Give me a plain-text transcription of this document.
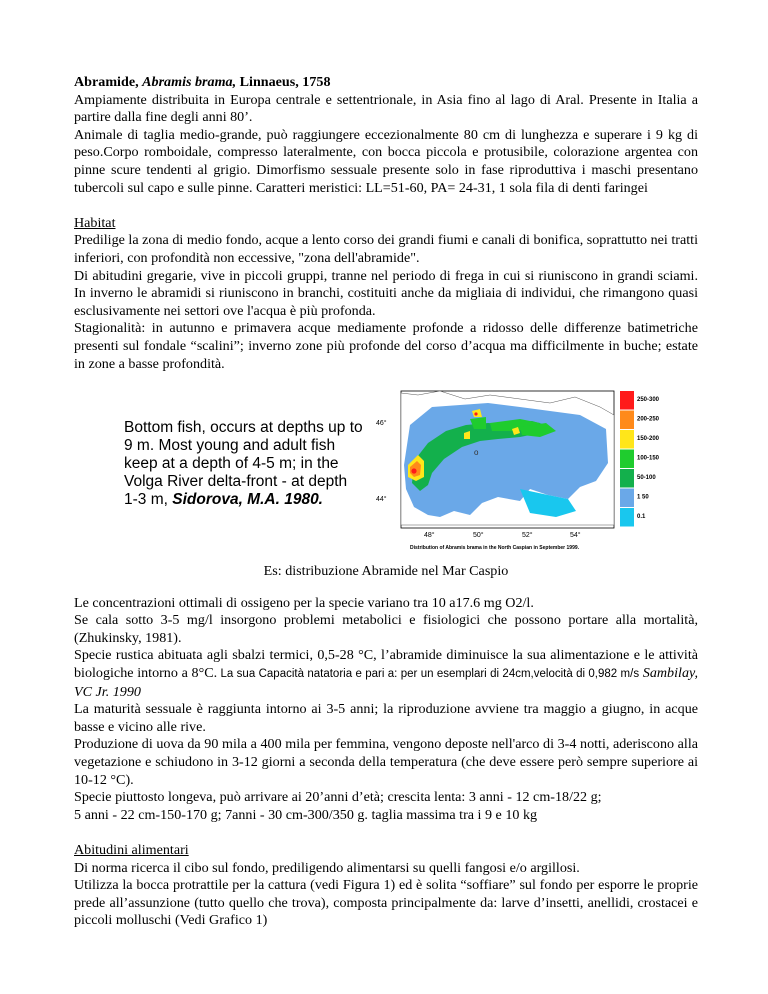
Abramide, Abramis brama, Linnaeus, 1758

Ampiamente distribuita in Europa centrale e settentrionale, in Asia fino al lago di Aral. Presente in Italia a partire dalla fine degli anni 80’.

Animale di taglia medio-grande, può raggiungere eccezionalmente 80 cm di lunghezza e superare i 9 kg di peso.Corpo romboidale, compresso lateralmente, con bocca piccola e protusibile, colorazione argentea con pinne scure tendenti al grigio. Dimorfismo sessuale presente solo in fase riproduttiva i maschi presentano tubercoli sul capo e sulle pinne. Caratteri meristici: LL=51-60, PA= 24-31, 1 sola fila di denti faringei

Habitat

Predilige la zona di medio fondo, acque a lento corso dei grandi fiumi e canali di bonifica, soprattutto nei tratti inferiori, con profondità non eccessive, "zona dell'abramide".

Di abitudini gregarie, vive in piccoli gruppi, tranne nel periodo di frega in cui si riuniscono in grandi sciami. In inverno le abramidi si riuniscono in branchi, costituiti anche da migliaia di individui, che rimangono quasi esclusivamente nei settori ove l'acqua è più profonda.

Stagionalità: in autunno e primavera acque mediamente profonde a ridosso delle differenze batimetriche presenti sul fondale “scalini”; inverno zone più profonde del corso d’acqua ma difficilmente in buche; estate in zone a basse profondità.

Bottom fish, occurs at depths up to 9 m. Most young and adult fish keep at a depth of 4-5 m; in the Volga River delta-front - at depth 1-3 m, Sidorova, M.A. 1980.
o
46°
44°
48°	50°	52°	54°
250-300
200-250
150-200
100-150
50-100
1 50
0.1
Distribution of Abramis brama in the North Caspian in September 1999.

Es: distribuzione Abramide nel Mar Caspio

Le concentrazioni ottimali di ossigeno per la specie variano tra 10 a17.6 mg O2/l.

Se cala sotto 3-5 mg/l insorgono problemi metabolici e fisiologici che possono portare alla mortalità, (Zhukinsky, 1981).

Specie rustica abituata agli sbalzi termici, 0,5-28 °C, l’abramide diminuisce la sua alimentazione e le attività biologiche intorno a 8°C. La sua Capacità natatoria e pari a: per un esemplari di 24cm,velocità di 0,982 m/s Sambilay, VC Jr. 1990

La maturità sessuale è raggiunta intorno ai 3-5 anni; la riproduzione avviene tra maggio a giugno, in acque basse e vicino alle rive.

Produzione di uova da 90 mila a 400 mila per femmina, vengono deposte nell'arco di 3-4 notti, aderiscono alla vegetazione e schiudono in 3-12 giorni a seconda della temperatura (che deve essere però sempre superiore ai 10-12 °C).

Specie piuttosto longeva, può arrivare ai 20’anni d’età; crescita lenta: 3 anni - 12 cm-18/22 g;

5 anni - 22 cm-150-170 g; 7anni - 30 cm-300/350 g. taglia massima tra i 9 e 10 kg

Abitudini alimentari

Di norma ricerca il cibo sul fondo, prediligendo alimentarsi su quelli fangosi e/o argillosi.

Utilizza la bocca protrattile per la cattura (vedi Figura 1) ed è solita “soffiare” sul fondo per esporre le proprie prede all’assunzione (tutto quello che trova), composta principalmente da: larve d’insetti, anellidi, crostacei e piccoli molluschi (Vedi Grafico 1)
